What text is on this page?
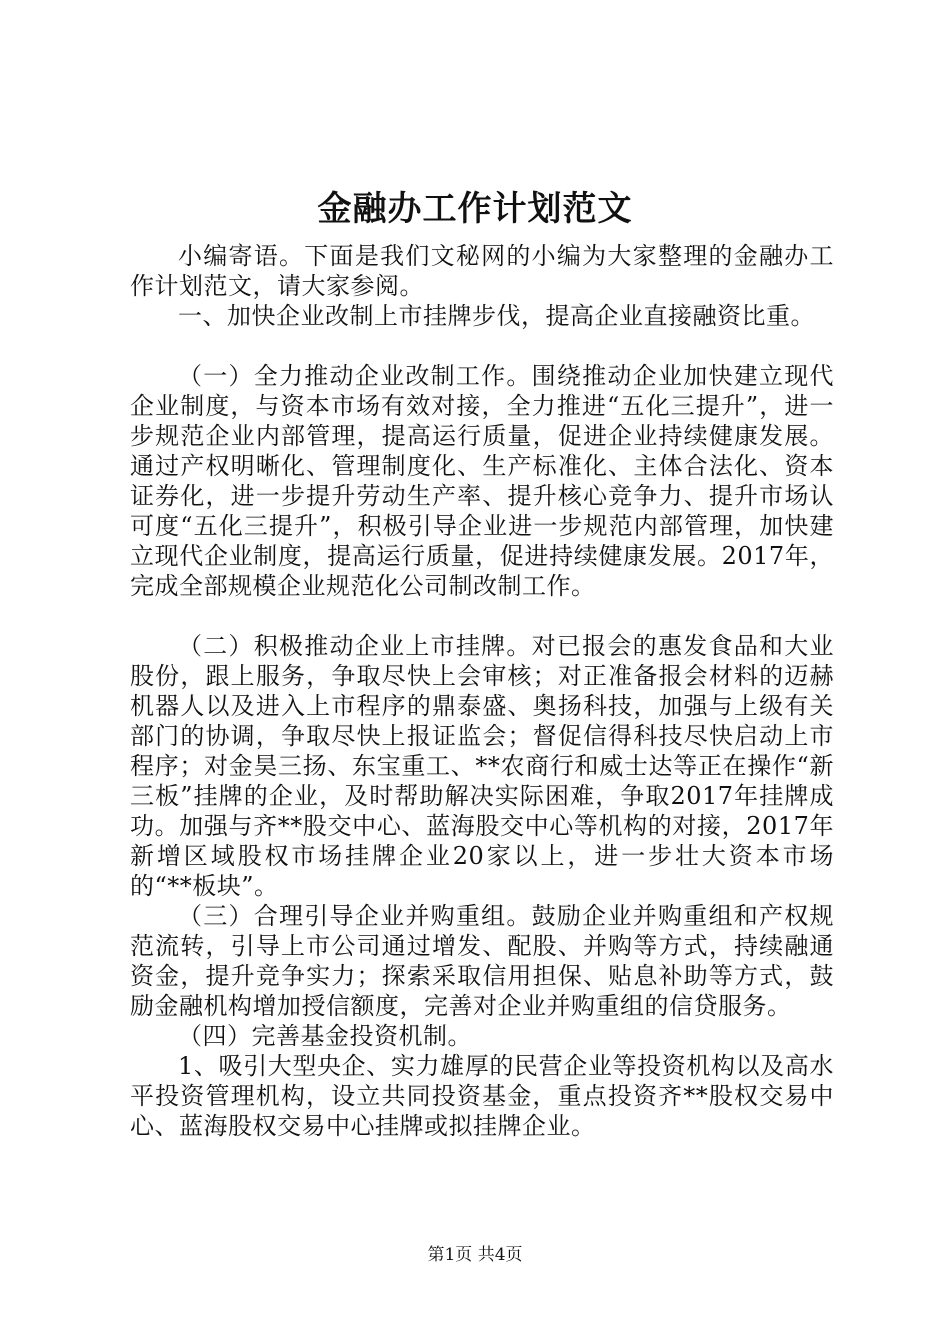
金融办工作计划范文

小编寄语。下面是我们文秘网的小编为大家整理的金融办工作计划范文，请大家参阅。

一、加快企业改制上市挂牌步伐，提高企业直接融资比重。

（一）全力推动企业改制工作。围绕推动企业加快建立现代企业制度，与资本市场有效对接，全力推进“五化三提升”，进一步规范企业内部管理，提高运行质量，促进企业持续健康发展。通过产权明晰化、管理制度化、生产标准化、主体合法化、资本证券化，进一步提升劳动生产率、提升核心竞争力、提升市场认可度“五化三提升”，积极引导企业进一步规范内部管理，加快建立现代企业制度，提高运行质量，促进持续健康发展。2017年，完成全部规模企业规范化公司制改制工作。

（二）积极推动企业上市挂牌。对已报会的惠发食品和大业股份，跟上服务，争取尽快上会审核；对正准备报会材料的迈赫机器人以及进入上市程序的鼎泰盛、奥扬科技，加强与上级有关部门的协调，争取尽快上报证监会；督促信得科技尽快启动上市程序；对金昊三扬、东宝重工、**农商行和威士达等正在操作“新三板”挂牌的企业，及时帮助解决实际困难，争取2017年挂牌成功。加强与齐**股交中心、蓝海股交中心等机构的对接，2017年新增区域股权市场挂牌企业20家以上，进一步壮大资本市场的“**板块”。

（三）合理引导企业并购重组。鼓励企业并购重组和产权规范流转，引导上市公司通过增发、配股、并购等方式，持续融通资金，提升竞争实力；探索采取信用担保、贴息补助等方式，鼓励金融机构增加授信额度，完善对企业并购重组的信贷服务。

（四）完善基金投资机制。

1、吸引大型央企、实力雄厚的民营企业等投资机构以及高水平投资管理机构，设立共同投资基金，重点投资齐**股权交易中心、蓝海股权交易中心挂牌或拟挂牌企业。

第1页 共4页
